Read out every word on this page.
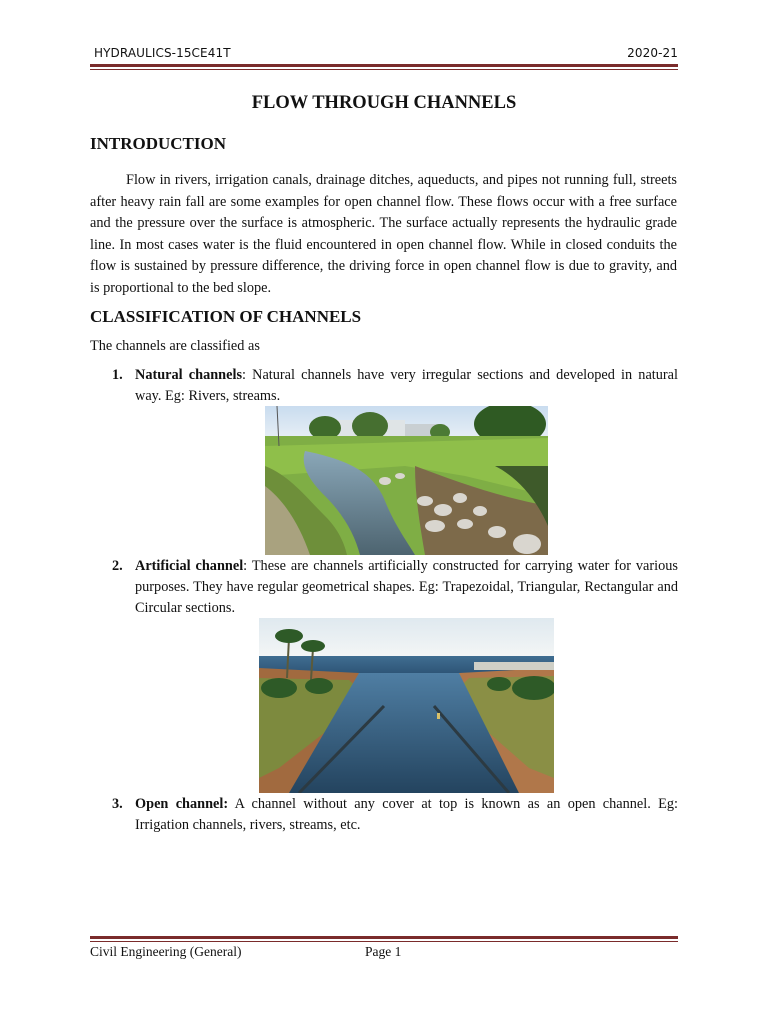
HYDRAULICS-15CE41T	2020-21
FLOW THROUGH CHANNELS
INTRODUCTION

Flow in rivers, irrigation canals, drainage ditches, aqueducts, and pipes not running full, streets after heavy rain fall are some examples for open channel flow. These flows occur with a free surface and the pressure over the surface is atmospheric. The surface actually represents the hydraulic grade line. In most cases water is the fluid encountered in open channel flow. While in closed conduits the flow is sustained by pressure difference, the driving force in open channel flow is due to gravity, and is proportional to the bed slope.

CLASSIFICATION OF CHANNELS

The channels are classified as

1. Natural channels: Natural channels have very irregular sections and developed in natural way. Eg: Rivers, streams.
2. Artificial channel: These are channels artificially constructed for carrying water for various purposes. They have regular geometrical shapes. Eg: Trapezoidal, Triangular, Rectangular and Circular sections.
3. Open channel: A channel without any cover at top is known as an open channel. Eg: Irrigation channels, rivers, streams, etc.
Civil Engineering (General)	Page 1
